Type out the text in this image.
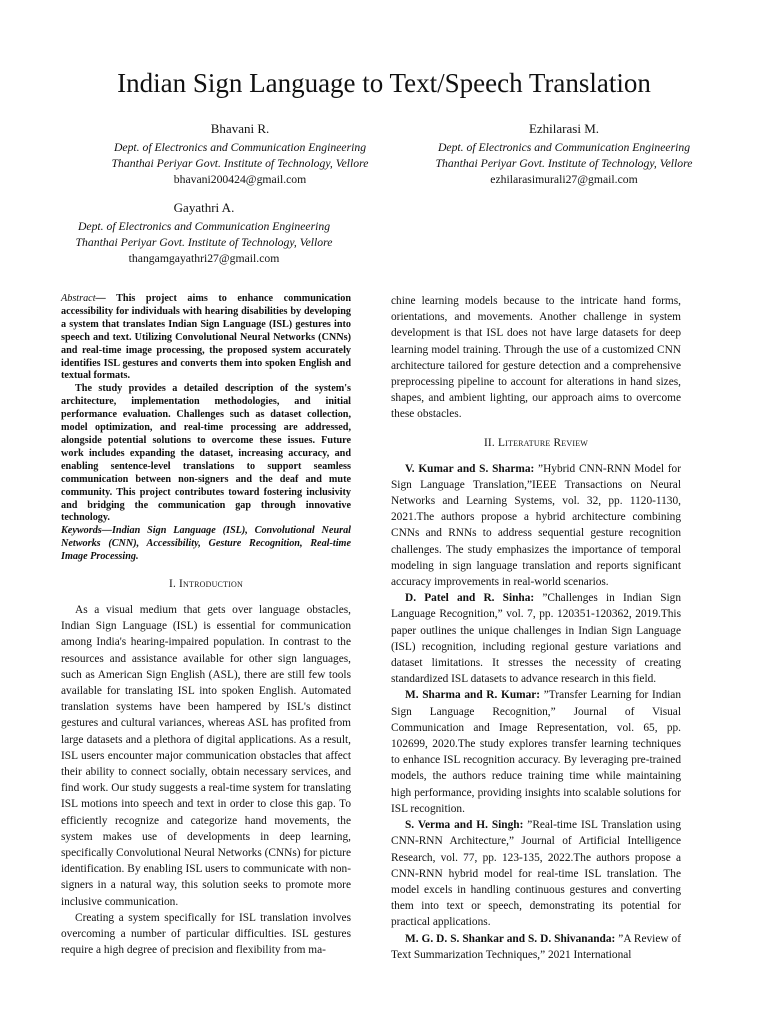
Indian Sign Language to Text/Speech Translation
Bhavani R.
Dept. of Electronics and Communication Engineering
Thanthai Periyar Govt. Institute of Technology, Vellore
bhavani200424@gmail.com
Ezhilarasi M.
Dept. of Electronics and Communication Engineering
Thanthai Periyar Govt. Institute of Technology, Vellore
ezhilarasimurali27@gmail.com
Gayathri A.
Dept. of Electronics and Communication Engineering
Thanthai Periyar Govt. Institute of Technology, Vellore
thangamgayathri27@gmail.com

Abstract— This project aims to enhance communication accessibility for individuals with hearing disabilities by developing a system that translates Indian Sign Language (ISL) gestures into speech and text. Utilizing Convolutional Neural Networks (CNNs) and real-time image processing, the proposed system accurately identifies ISL gestures and converts them into spoken English and textual formats.

The study provides a detailed description of the system's architecture, implementation methodologies, and initial performance evaluation. Challenges such as dataset collection, model optimization, and real-time processing are addressed, alongside potential solutions to overcome these issues. Future work includes expanding the dataset, increasing accuracy, and enabling sentence-level translations to support seamless communication between non-signers and the deaf and mute community. This project contributes toward fostering inclusivity and bridging the communication gap through innovative technology.

Keywords—Indian Sign Language (ISL), Convolutional Neural Networks (CNN), Accessibility, Gesture Recognition, Real-time Image Processing.

I. Introduction

As a visual medium that gets over language obstacles, Indian Sign Language (ISL) is essential for communication among India's hearing-impaired population. In contrast to the resources and assistance available for other sign languages, such as American Sign English (ASL), there are still few tools available for translating ISL into spoken English. Automated translation systems have been hampered by ISL's distinct gestures and cultural variances, whereas ASL has profited from large datasets and a plethora of digital applications. As a result, ISL users encounter major communication obstacles that affect their ability to connect socially, obtain necessary services, and find work. Our study suggests a real-time system for translating ISL motions into speech and text in order to close this gap. To efficiently recognize and categorize hand movements, the system makes use of developments in deep learning, specifically Convolutional Neural Networks (CNNs) for picture identification. By enabling ISL users to communicate with non-signers in a natural way, this solution seeks to promote more inclusive communication.

Creating a system specifically for ISL translation involves overcoming a number of particular difficulties. ISL gestures require a high degree of precision and flexibility from ma-

chine learning models because to the intricate hand forms, orientations, and movements. Another challenge in system development is that ISL does not have large datasets for deep learning model training. Through the use of a customized CNN architecture tailored for gesture detection and a comprehensive preprocessing pipeline to account for alterations in hand sizes, shapes, and ambient lighting, our approach aims to overcome these obstacles.

II. Literature Review

V. Kumar and S. Sharma: ”Hybrid CNN-RNN Model for Sign Language Translation,”IEEE Transactions on Neural Networks and Learning Systems, vol. 32, pp. 1120-1130, 2021.The authors propose a hybrid architecture combining CNNs and RNNs to address sequential gesture recognition challenges. The study emphasizes the importance of temporal modeling in sign language translation and reports significant accuracy improvements in real-world scenarios.

D. Patel and R. Sinha: ”Challenges in Indian Sign Language Recognition,” vol. 7, pp. 120351-120362, 2019.This paper outlines the unique challenges in Indian Sign Language (ISL) recognition, including regional gesture variations and dataset limitations. It stresses the necessity of creating standardized ISL datasets to advance research in this field.

M. Sharma and R. Kumar: ”Transfer Learning for Indian Sign Language Recognition,” Journal of Visual Communication and Image Representation, vol. 65, pp. 102699, 2020.The study explores transfer learning techniques to enhance ISL recognition accuracy. By leveraging pre-trained models, the authors reduce training time while maintaining high performance, providing insights into scalable solutions for ISL recognition.

S. Verma and H. Singh: ”Real-time ISL Translation using CNN-RNN Architecture,” Journal of Artificial Intelligence Research, vol. 77, pp. 123-135, 2022.The authors propose a CNN-RNN hybrid model for real-time ISL translation. The model excels in handling continuous gestures and converting them into text or speech, demonstrating its potential for practical applications.

M. G. D. S. Shankar and S. D. Shivananda: ”A Review of Text Summarization Techniques,” 2021 International
